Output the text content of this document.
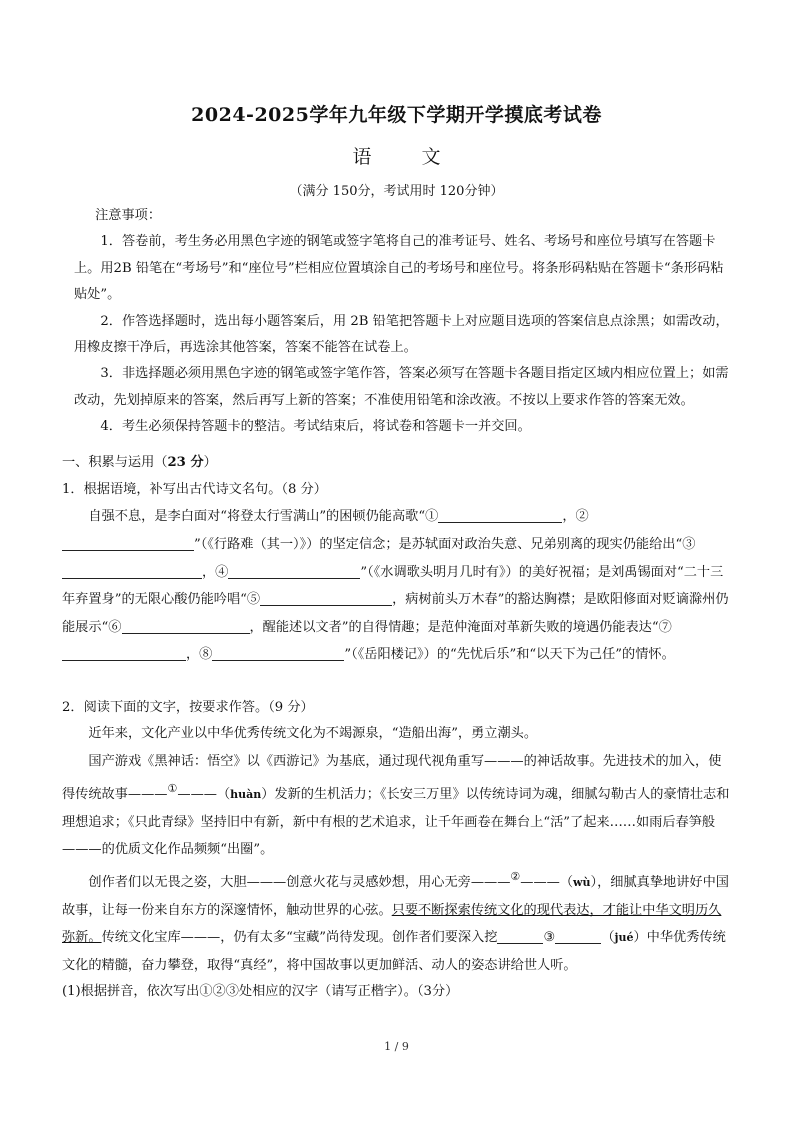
2024-2025学年九年级下学期开学摸底考试卷
语 文
（满分 150分，考试用时 120分钟）

注意事项：

1．答卷前，考生务必用黑色字迹的钢笔或签字笔将自己的准考证号、姓名、考场号和座位号填写在答题卡上。用2B 铅笔在“考场号”和“座位号”栏相应位置填涂自己的考场号和座位号。将条形码粘贴在答题卡“条形码粘贴处”。

2．作答选择题时，选出每小题答案后，用 2B 铅笔把答题卡上对应题目选项的答案信息点涂黑；如需改动，用橡皮擦干净后，再选涂其他答案，答案不能答在试卷上。

3．非选择题必须用黑色字迹的钢笔或签字笔作答，答案必须写在答题卡各题目指定区域内相应位置上；如需改动，先划掉原来的答案，然后再写上新的答案；不准使用铅笔和涂改液。不按以上要求作答的答案无效。

4．考生必须保持答题卡的整洁。考试结束后，将试卷和答题卡一并交回。

一、积累与运用（23 分）

1．根据语境，补写出古代诗文名句。（8 分）

自强不息，是李白面对“将登太行雪满山”的困顿仍能高歌“①	，②
”（《行路难（其一）》）的坚定信念；是苏轼面对政治失意、兄弟别离的现实仍能给出“③，④	”（《水调歌头明月几时有》）的美好祝福；是刘禹锡面对“二十三年弃置身”的无限心酸仍能吟唱“⑤	，病树前头万木春”的豁达胸襟；是欧阳修面对贬谪滁州仍能展示“⑥	，醒能述以文者”的自得情趣；是范仲淹面对革新失败的境遇仍能表达“⑦，⑧	”（《岳阳楼记》）的“先忧后乐”和“以天下为己任”的情怀。

2．阅读下面的文字，按要求作答。（9 分）

近年来，文化产业以中华优秀传统文化为不竭源泉，“造船出海”，勇立潮头。

国产游戏《黑神话：悟空》以《西游记》为基底，通过现代视角重写———的神话故事。先进技术的加入，使得传统故事———①———（huàn）发新的生机活力；《长安三万里》以传统诗词为魂，细腻勾勒古人的豪情壮志和理想追求；《只此青绿》坚持旧中有新，新中有根的艺术追求，让千年画卷在舞台上“活”了起来……如雨后春笋般———的优质文化作品频频“出圈”。

创作者们以无畏之姿，大胆———创意火花与灵感妙想，用心无旁———②———（wù），细腻真挚地讲好中国故事，让每一份来自东方的深邃情怀，触动世界的心弦。只要不断探索传统文化的现代表达，才能让中华文明历久弥新。传统文化宝库———，仍有太多“宝藏”尚待发现。创作者们要深入挖	③	（jué）中华优秀传统文化的精髓，奋力攀登，取得“真经”，将中国故事以更加鲜活、动人的姿态讲给世人听。

(1)根据拼音，依次写出①②③处相应的汉字（请写正楷字）。（3分）

1 / 9
